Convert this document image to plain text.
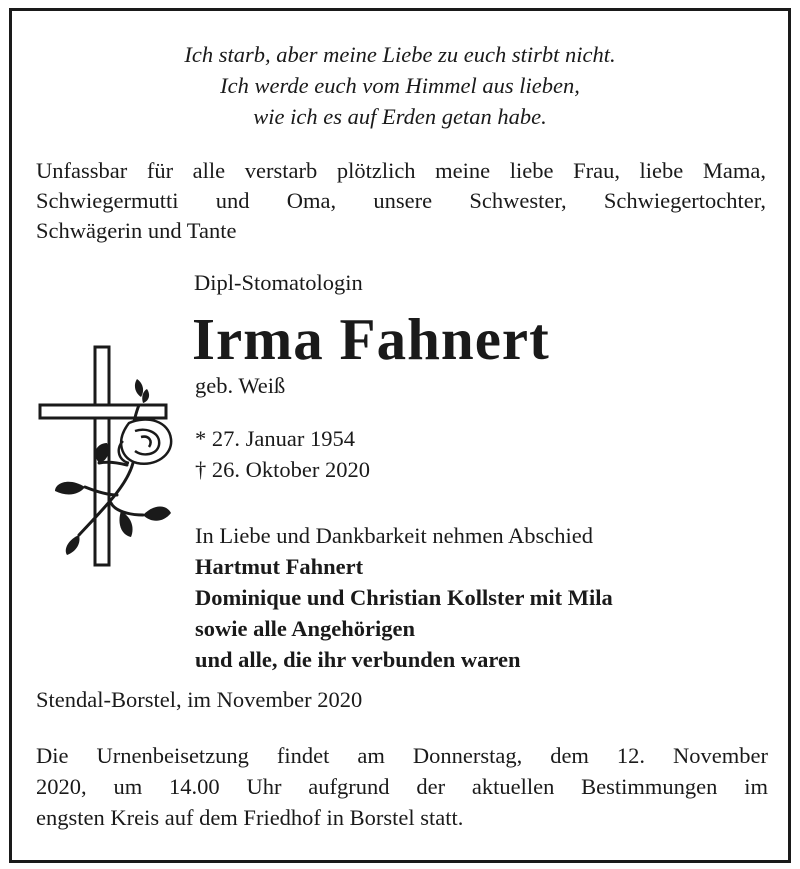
Ich starb, aber meine Liebe zu euch stirbt nicht.
Ich werde euch vom Himmel aus lieben,
wie ich es auf Erden getan habe.
Unfassbar für alle verstarb plötzlich meine liebe Frau, liebe Mama,
Schwiegermutti und Oma, unsere Schwester, Schwiegertochter,
Schwägerin und Tante
Dipl-Stomatologin
Irma Fahnert
geb. Weiß
* 27. Januar 1954
† 26. Oktober 2020
In Liebe und Dankbarkeit nehmen Abschied
Hartmut Fahnert
Dominique und Christian Kollster mit Mila
sowie alle Angehörigen
und alle, die ihr verbunden waren
Stendal-Borstel, im November 2020
Die Urnenbeisetzung findet am Donnerstag, dem 12. November
2020, um 14.00 Uhr aufgrund der aktuellen Bestimmungen im
engsten Kreis auf dem Friedhof in Borstel statt.
